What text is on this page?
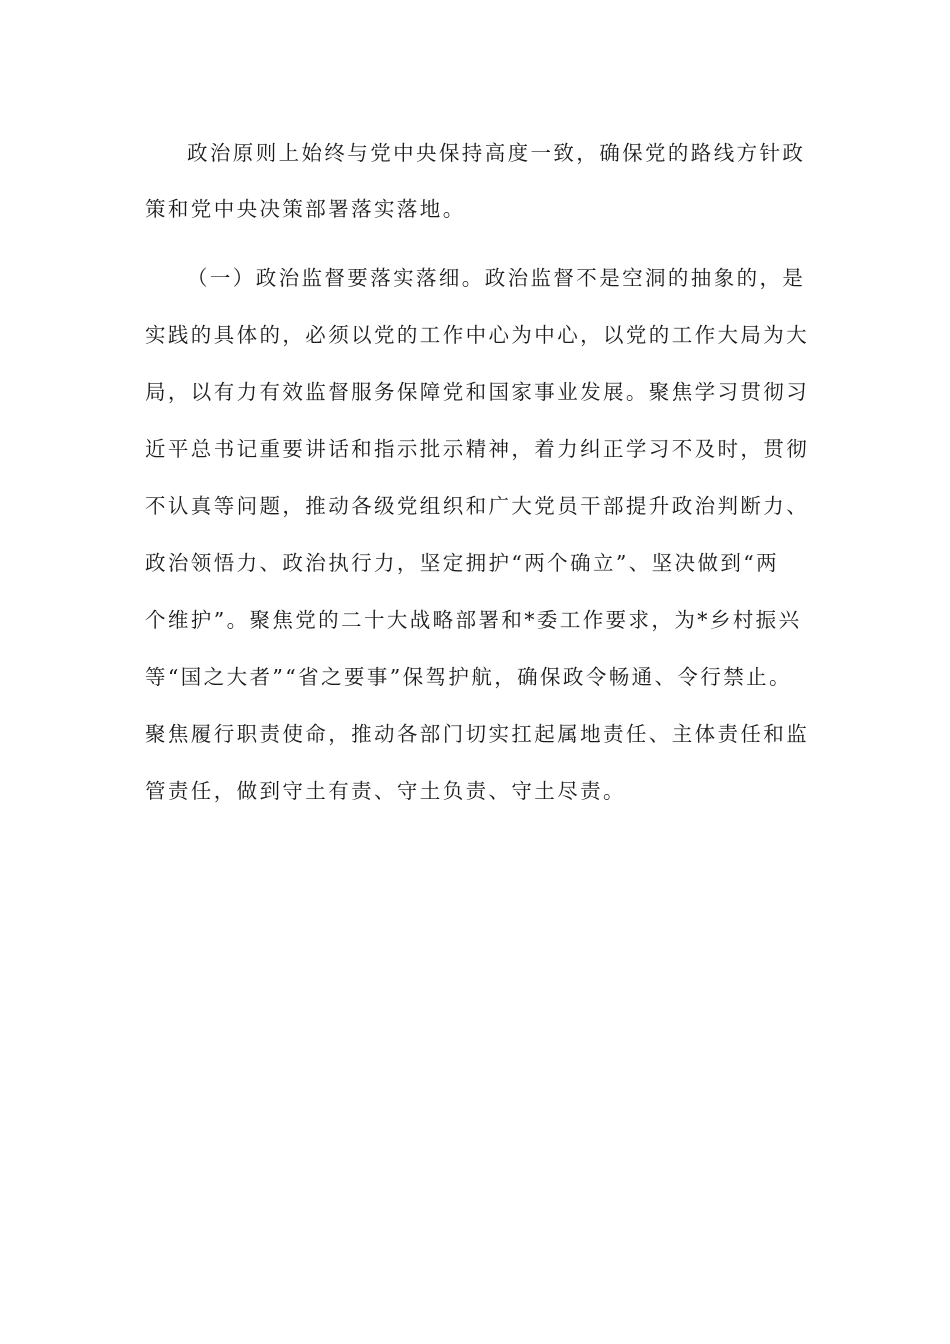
政治原则上始终与党中央保持高度一致，确保党的路线方针政
策和党中央决策部署落实落地。
（一）政治监督要落实落细。政治监督不是空洞的抽象的，是
实践的具体的，必须以党的工作中心为中心，以党的工作大局为大
局，以有力有效监督服务保障党和国家事业发展。聚焦学习贯彻习
近平总书记重要讲话和指示批示精神，着力纠正学习不及时，贯彻
不认真等问题，推动各级党组织和广大党员干部提升政治判断力、
政治领悟力、政治执行力，坚定拥护“两个确立”、坚决做到“两
个维护”。聚焦党的二十大战略部署和*委工作要求，为*乡村振兴
等“国之大者”“省之要事”保驾护航，确保政令畅通、令行禁止。
聚焦履行职责使命，推动各部门切实扛起属地责任、主体责任和监
管责任，做到守土有责、守土负责、守土尽责。
